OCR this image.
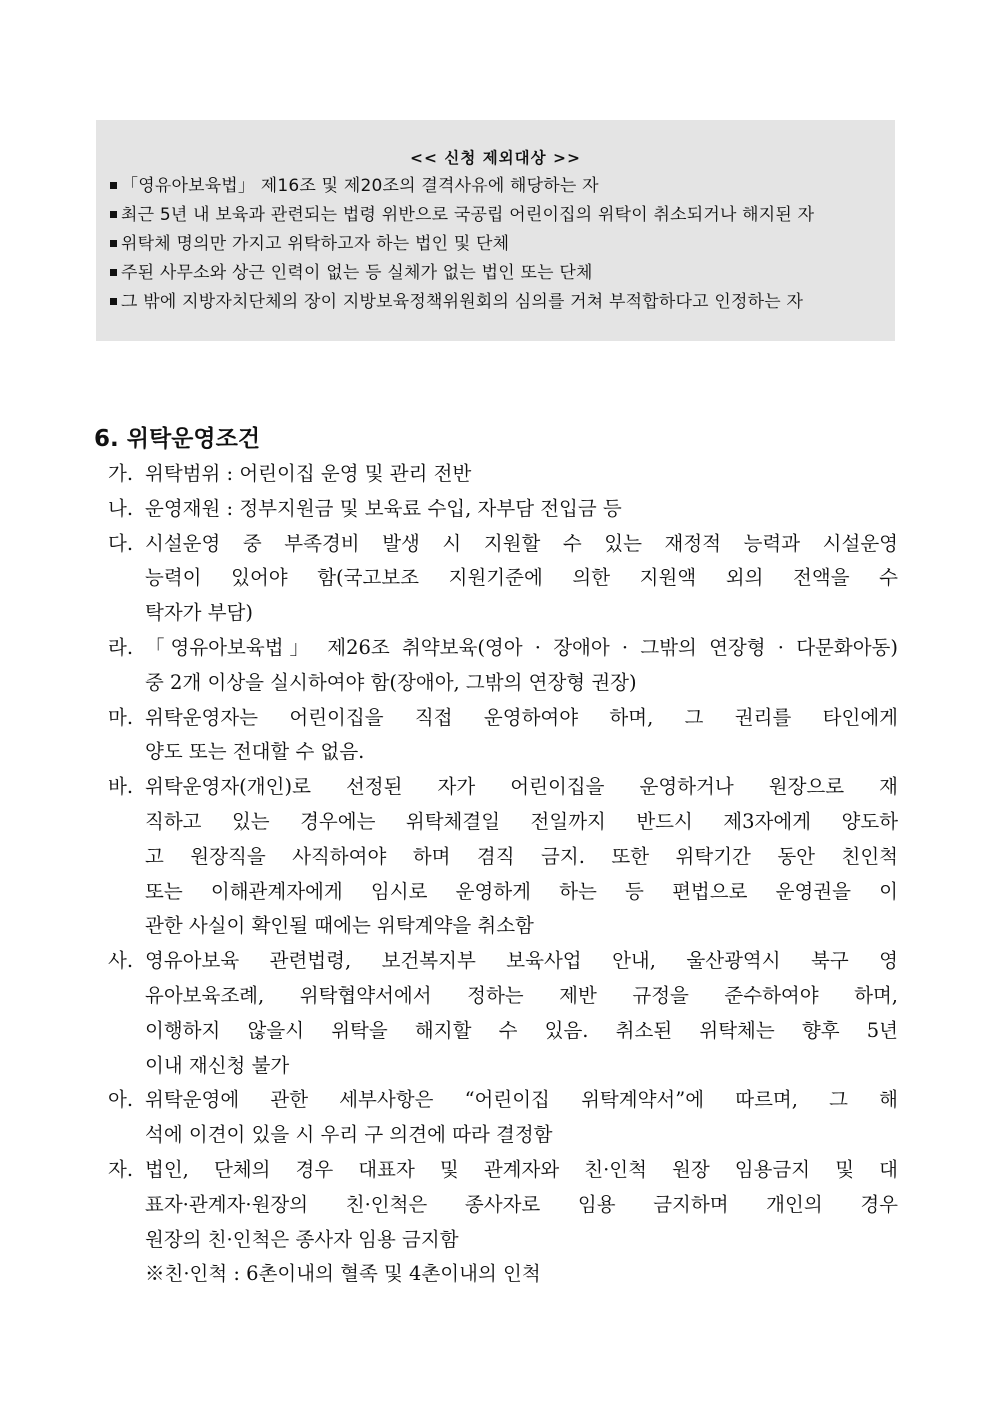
<< 신청 제외대상 >>
「영유아보육법」 제16조 및 제20조의 결격사유에 해당하는 자
최근 5년 내 보육과 관련되는 법령 위반으로 국공립 어린이집의 위탁이 취소되거나 해지된 자
위탁체 명의만 가지고 위탁하고자 하는 법인 및 단체
주된 사무소와 상근 인력이 없는 등 실체가 없는 법인 또는 단체
그 밖에 지방자치단체의 장이 지방보육정책위원회의 심의를 거쳐 부적합하다고 인정하는 자
6. 위탁운영조건
가. 위탁범위 : 어린이집 운영 및 관리 전반
나. 운영재원 : 정부지원금 및 보육료 수입, 자부담 전입금 등
다. 시설운영 중 부족경비 발생 시 지원할 수 있는 재정적 능력과 시설운영
능력이 있어야 함(국고보조 지원기준에 의한 지원액 외의 전액을 수
탁자가 부담)
라. 「영유아보육법」 제26조 취약보육(영아 · 장애아 · 그밖의 연장형 · 다문화아동)
중 2개 이상을 실시하여야 함(장애아, 그밖의 연장형 권장)
마. 위탁운영자는 어린이집을 직접 운영하여야 하며, 그 권리를 타인에게
양도 또는 전대할 수 없음.
바. 위탁운영자(개인)로 선정된 자가 어린이집을 운영하거나 원장으로 재
직하고 있는 경우에는 위탁체결일 전일까지 반드시 제3자에게 양도하
고 원장직을 사직하여야 하며 겸직 금지. 또한 위탁기간 동안 친인척
또는 이해관계자에게 임시로 운영하게 하는 등 편법으로 운영권을 이
관한 사실이 확인될 때에는 위탁계약을 취소함
사. 영유아보육 관련법령, 보건복지부 보육사업 안내, 울산광역시 북구 영
유아보육조례, 위탁협약서에서 정하는 제반 규정을 준수하여야 하며,
이행하지 않을시 위탁을 해지할 수 있음. 취소된 위탁체는 향후 5년
이내 재신청 불가
아. 위탁운영에 관한 세부사항은 “어린이집 위탁계약서”에 따르며, 그 해
석에 이견이 있을 시 우리 구 의견에 따라 결정함
자. 법인, 단체의 경우 대표자 및 관계자와 친·인척 원장 임용금지 및 대
표자·관계자·원장의 친·인척은 종사자로 임용 금지하며 개인의 경우
원장의 친·인척은 종사자 임용 금지함
※친·인척 : 6촌이내의 혈족 및 4촌이내의 인척
